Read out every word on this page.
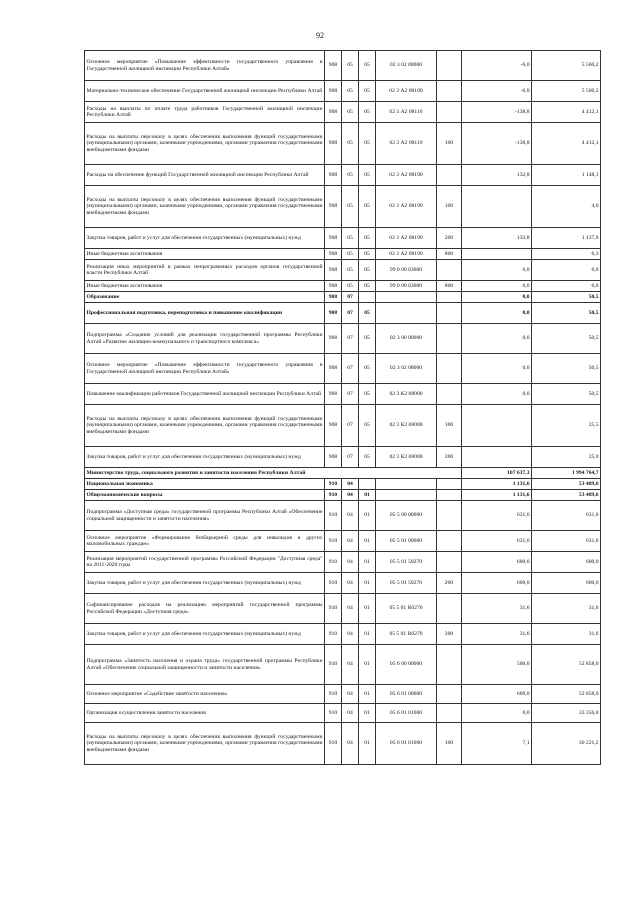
92
Основное мероприятие «Повышение эффективности государственного управления в Государственной жилищной инспекции Республики Алтай»	908	05	05	02 3 02 08000		-6,0	5 560,2
Материально-техническое обеспечение Государственной жилищной инспекции Республики Алтай	908	05	05	02 3 А2 08100		-6,0	5 560,2
Расходы на выплаты по оплате труда работников Государственной жилищной инспекции Республики Алтай	908	05	05	02 3 А2 08110		-138,8	4 412,1
Расходы на выплаты персоналу в целях обеспечения выполнения функций государственными (муниципальными) органами, казенными учреждениями, органами управления государственными внебюджетными фондами	908	05	05	02 3 А2 08110	100	-138,8	4 412,1
Расходы на обеспечение функций Государственной жилищной инспекции Республики Алтай	908	05	05	02 3 А2 08190		132,8	1 148,1
Расходы на выплаты персоналу в целях обеспечения выполнения функций государственными (муниципальными) органами, казенными учреждениями, органами управления государственными внебюджетными фондами	908	05	05	02 3 А2 08190	100		4,0
Закупка товаров, работ и услуг для обеспечения государственных (муниципальных) нужд	908	05	05	02 3 А2 08190	200	132,8	1 137,8
Иные бюджетные ассигнования	908	05	05	02 3 А2 08190	800		6,3
Реализация иных мероприятий в рамках непрограммных расходов органов государственной власти Республики Алтай	908	05	05	99 0 00 03000		6,0	6,0
Иные бюджетные ассигнования	908	05	05	99 0 00 03000	800	6,0	6,0
Образование	908	07				0,0	50,5
Профессиональная подготовка, переподготовка и повышение квалификации	908	07	05			0,0	50,5
Подпрограмма «Создание условий для реализации государственной программы Республики Алтай «Развитие жилищно-коммунального и транспортного комплекса»	908	07	05	02 3 00 00000		0,0	50,5
Основное мероприятие «Повышение эффективности государственного управления в Государственной жилищной инспекции Республики Алтай»	908	07	05	02 3 02 08000		0,0	50,5
Повышение квалификации работников Государственной жилищной инспекции Республики Алтай	908	07	05	02 3 К2 08000		0,0	50,5
Расходы на выплаты персоналу в целях обеспечения выполнения функций государственными (муниципальными) органами, казенными учреждениями, органами управления государственными внебюджетными фондами	908	07	05	02 3 К2 08000	100		25,5
Закупка товаров, работ и услуг для обеспечения государственных (муниципальных) нужд	908	07	05	02 3 К2 08000	200		25,0
Министерство труда, социального развития и занятости населения Республики Алтай						107 637,3	1 994 764,7
Национальная экономика	910	04				1 131,6	53 489,6
Общеэкономические вопросы	910	04	01			1 131,6	53 489,6
Подпрограмма «Доступная среда» государственной программы Республики Алтай «Обеспечение социальной защищенности и занятости населения»	910	04	01	05 5 00 00000		631,6	631,6
Основное мероприятие «Формирование безбарьерной среды для инвалидов и других маломобильных граждан»	910	04	01	05 5 01 00000		631,6	631,6
Реализация мероприятий государственной программы Российской Федерации "Доступная среда" на 2011-2020 годы	910	04	01	05 5 01 50270		600,0	600,0
Закупка товаров, работ и услуг для обеспечения государственных (муниципальных) нужд	910	04	01	05 5 01 50270	200	600,0	600,0
Софинансирование расходов на реализацию мероприятий государственной программы Российской Федерации «Доступная среда»	910	04	01	05 5 01 R0270		31,6	31,6
Закупка товаров, работ и услуг для обеспечения государственных (муниципальных) нужд	910	04	01	05 5 01 R0270	200	31,6	31,6
Подпрограмма «Занятость населения и охрана труда» государственной программы Республики Алтай «Обеспечение социальной защищенности и занятости населения»	910	04	01	05 6 00 00000		500,0	52 858,0
Основное мероприятие «Содействие занятости населения»	910	04	01	05 6 01 00000		609,0	52 858,0
Организация осуществления занятости населения	910	04	01	05 6 01 01000		0,0	33 356,0
Расходы на выплаты персоналу в целях обеспечения выполнения функций государственными (муниципальными) органами, казенными учреждениями, органами управления государственными внебюджетными фондами	910	04	01	05 6 01 01000	100	7,1	30 221,2
